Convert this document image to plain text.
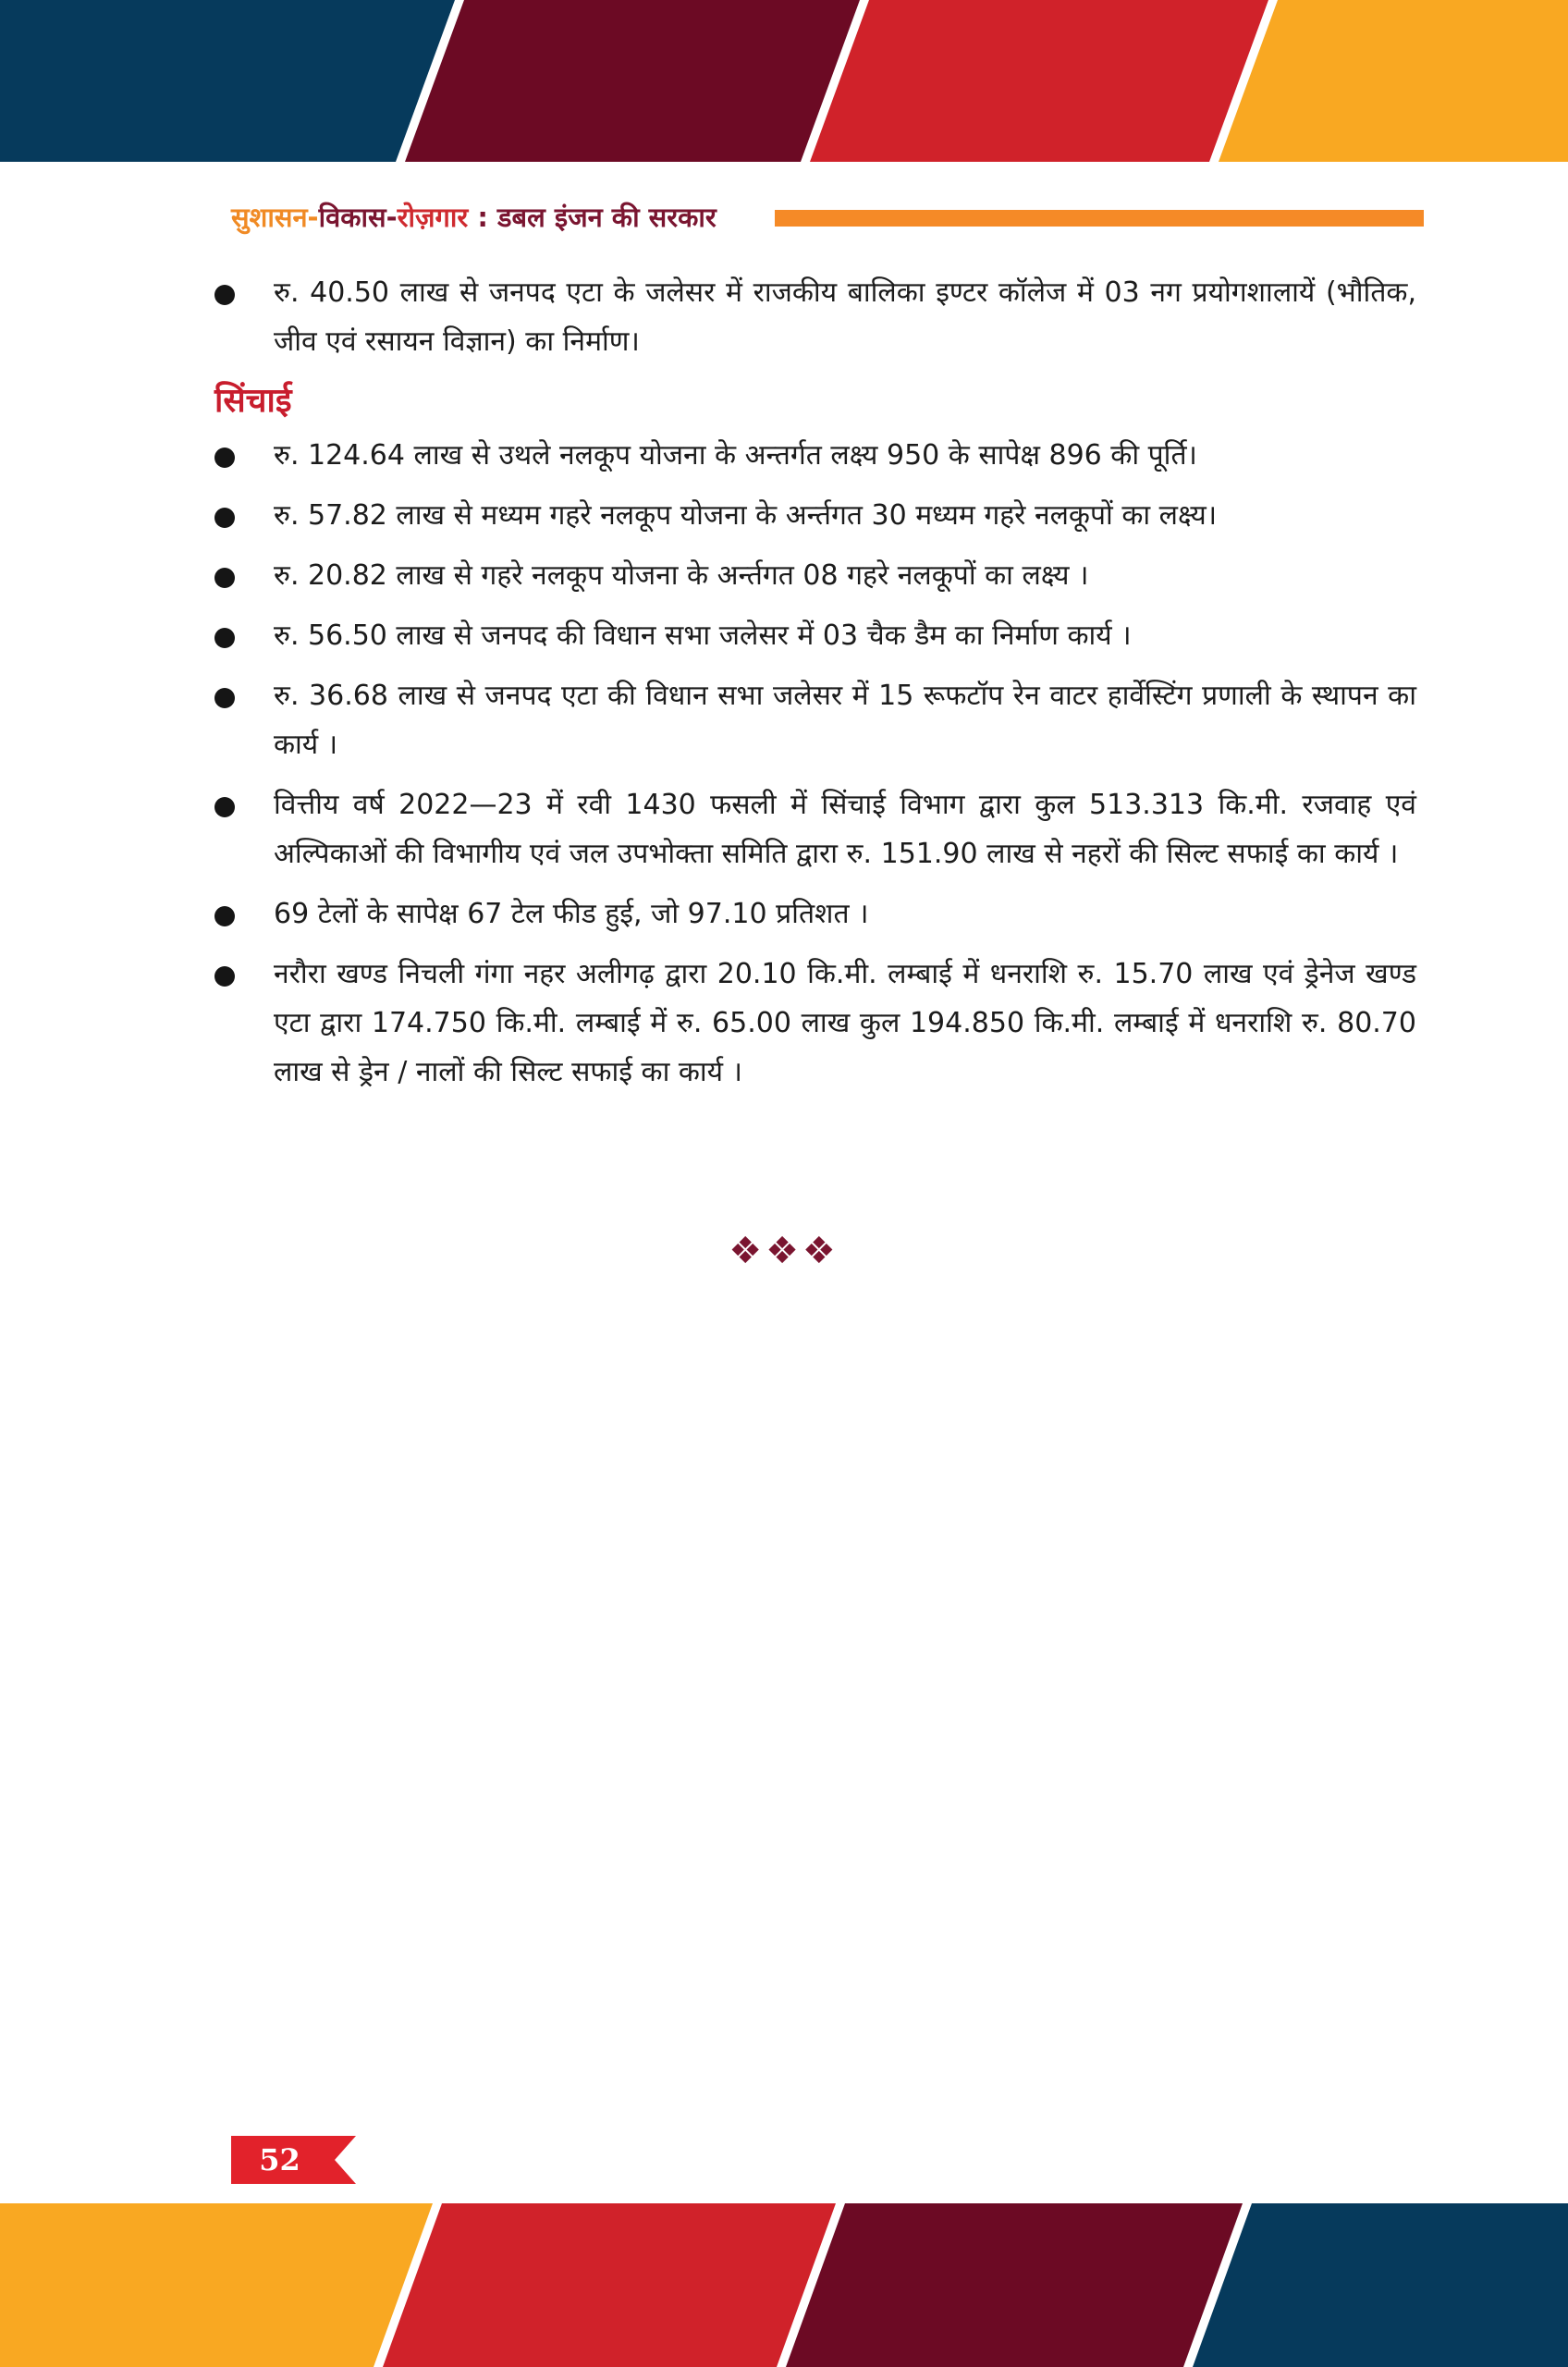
सुशासन-विकास-रोज़गार : डबल इंजन की सरकार
रु. 40.50 लाख से जनपद एटा के जलेसर में राजकीय बालिका इण्टर कॉलेज में 03 नग प्रयोगशालायें (भौतिक, जीव एवं रसायन विज्ञान) का निर्माण।
सिंचाई
रु. 124.64 लाख से उथले नलकूप योजना के अन्तर्गत लक्ष्य 950 के सापेक्ष 896 की पूर्ति।
रु. 57.82 लाख से मध्यम गहरे नलकूप योजना के अर्न्तगत 30 मध्यम गहरे नलकूपों का लक्ष्य।
रु. 20.82 लाख से गहरे नलकूप योजना के अर्न्तगत 08 गहरे नलकूपों का लक्ष्य ।
रु. 56.50 लाख से जनपद की विधान सभा जलेसर में 03 चैक डैम का निर्माण कार्य ।
रु. 36.68 लाख से जनपद एटा की विधान सभा जलेसर में 15 रूफटॉप रेन वाटर हार्वेस्टिंग प्रणाली के स्थापन का कार्य ।
वित्तीय वर्ष 2022—23 में रवी 1430 फसली में सिंचाई विभाग द्वारा कुल 513.313 कि.मी. रजवाह एवं अल्पिकाओं की विभागीय एवं जल उपभोक्ता समिति द्वारा रु. 151.90 लाख से नहरों की सिल्ट सफाई का कार्य ।
69 टेलों के सापेक्ष 67 टेल फीड हुई, जो 97.10 प्रतिशत ।
नरौरा खण्ड निचली गंगा नहर अलीगढ़ द्वारा 20.10 कि.मी. लम्बाई में धनराशि रु. 15.70 लाख एवं ड्रेनेज खण्ड एटा द्वारा 174.750 कि.मी. लम्बाई में रु. 65.00 लाख कुल 194.850 कि.मी. लम्बाई में धनराशि रु. 80.70 लाख से ड्रेन / नालों की सिल्ट सफाई का कार्य ।
❖❖❖
52
